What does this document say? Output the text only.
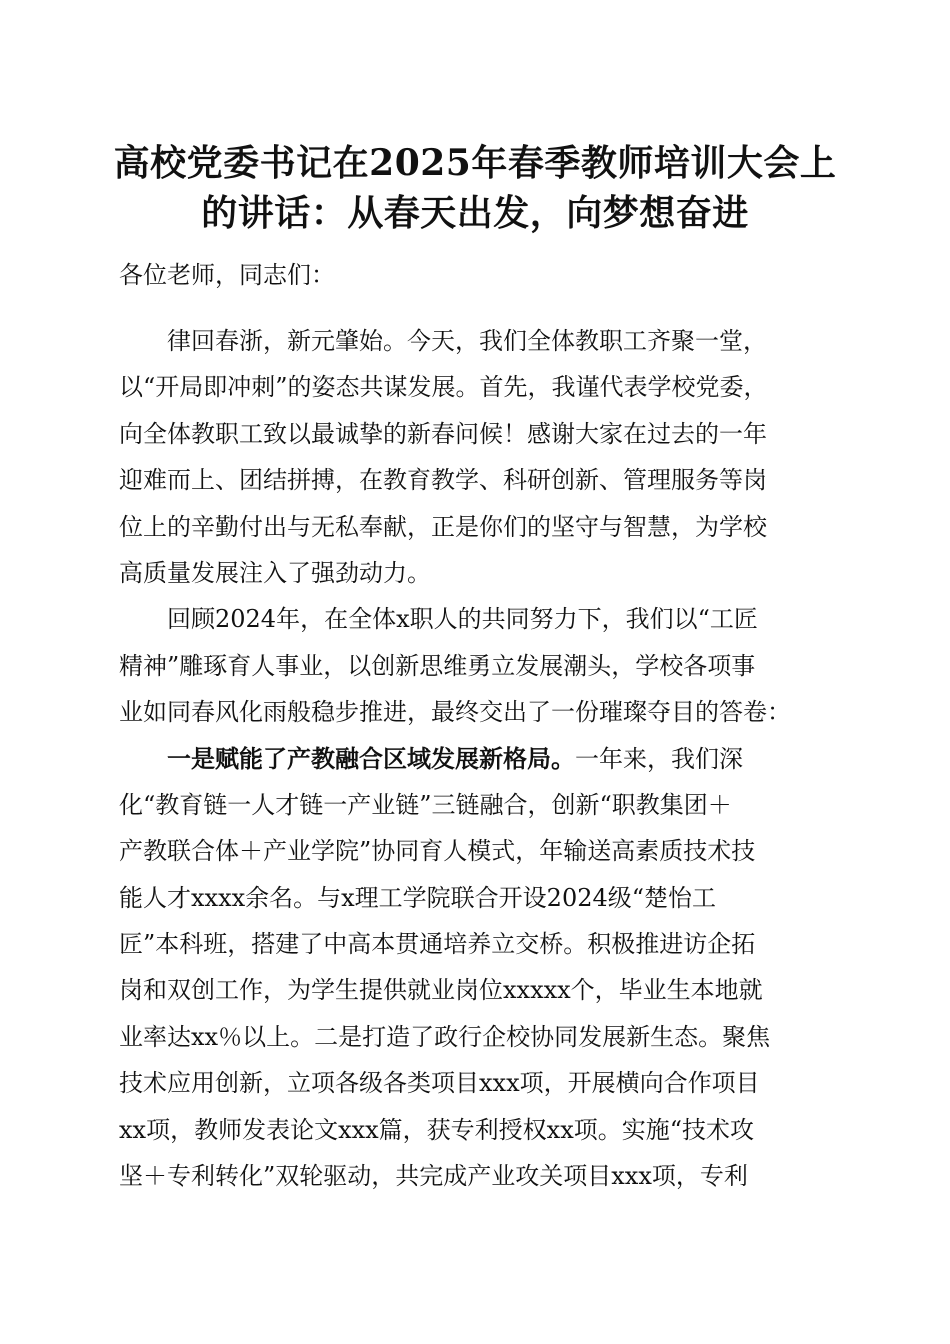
高校党委书记在2025年春季教师培训大会上
的讲话：从春天出发，向梦想奋进

各位老师，同志们：

律回春浙，新元肇始。今天，我们全体教职工齐聚一堂，
以“开局即冲刺”的姿态共谋发展。首先，我谨代表学校党委，
向全体教职工致以最诚挚的新春问候！感谢大家在过去的一年
迎难而上、团结拼搏，在教育教学、科研创新、管理服务等岗
位上的辛勤付出与无私奉献，正是你们的坚守与智慧，为学校
高质量发展注入了强劲动力。
回顾2024年，在全体x职人的共同努力下，我们以“工匠
精神”雕琢育人事业，以创新思维勇立发展潮头，学校各项事
业如同春风化雨般稳步推进，最终交出了一份璀璨夺目的答卷：
一是赋能了产教融合区域发展新格局。一年来，我们深
化“教育链一人才链一产业链”三链融合，创新“职教集团＋
产教联合体＋产业学院”协同育人模式，年输送高素质技术技
能人才xxxx余名。与x理工学院联合开设2024级“楚怡工
匠”本科班，搭建了中高本贯通培养立交桥。积极推进访企拓
岗和双创工作，为学生提供就业岗位xxxxx个，毕业生本地就
业率达xx％以上。二是打造了政行企校协同发展新生态。聚焦
技术应用创新，立项各级各类项目xxx项，开展横向合作项目
xx项，教师发表论文xxx篇，获专利授权xx项。实施“技术攻
坚＋专利转化”双轮驱动，共完成产业攻关项目xxx项，专利
